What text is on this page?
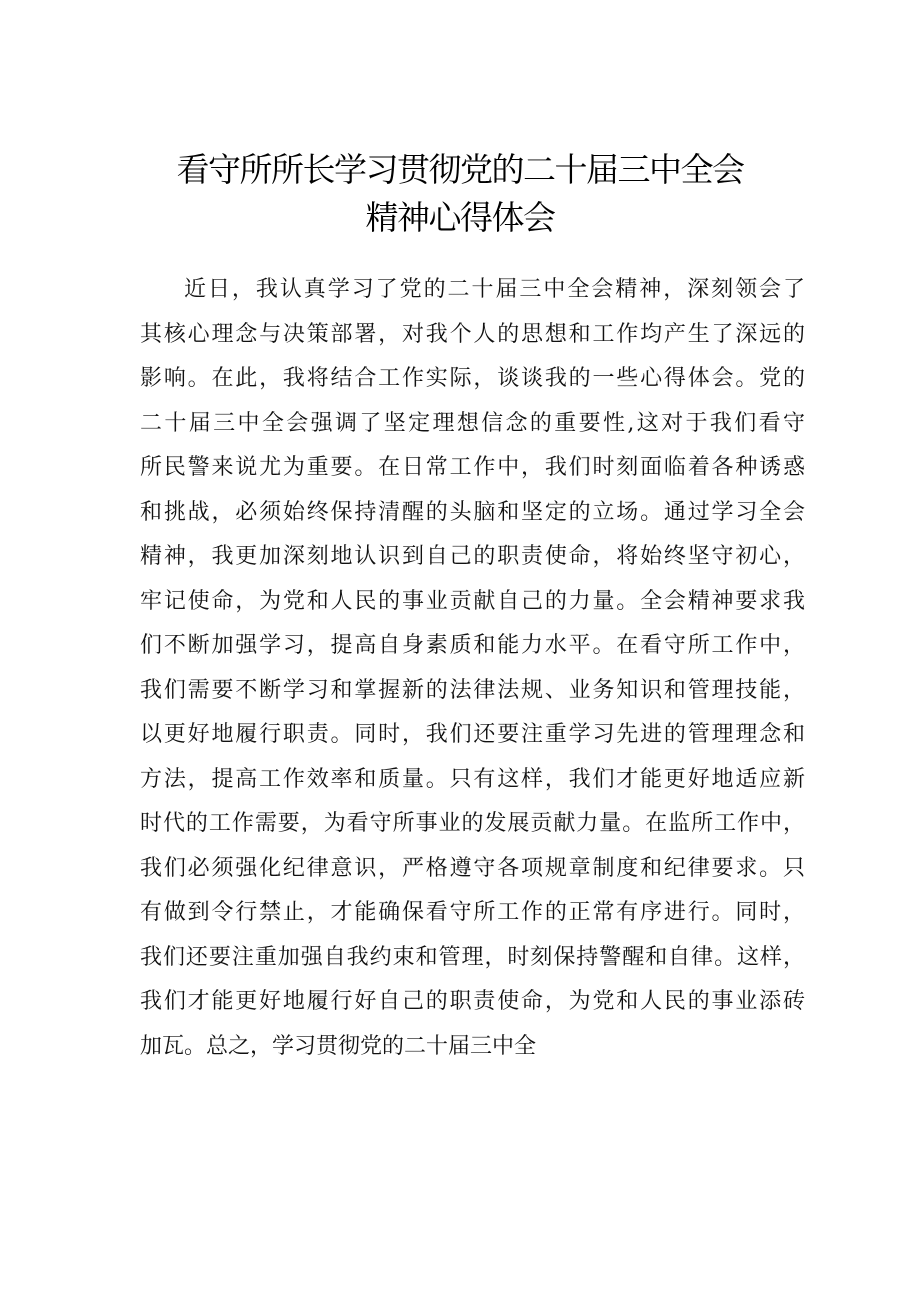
看守所所长学习贯彻党的二十届三中全会
精神心得体会
近日，我认真学习了党的二十届三中全会精神，深刻领会了
其核心理念与决策部署，对我个人的思想和工作均产生了深远的
影响。在此，我将结合工作实际，谈谈我的一些心得体会。党的
二十届三中全会强调了坚定理想信念的重要性,这对于我们看守
所民警来说尤为重要。在日常工作中，我们时刻面临着各种诱惑
和挑战，必须始终保持清醒的头脑和坚定的立场。通过学习全会
精神，我更加深刻地认识到自己的职责使命，将始终坚守初心，
牢记使命，为党和人民的事业贡献自己的力量。全会精神要求我
们不断加强学习，提高自身素质和能力水平。在看守所工作中，
我们需要不断学习和掌握新的法律法规、业务知识和管理技能，
以更好地履行职责。同时，我们还要注重学习先进的管理理念和
方法，提高工作效率和质量。只有这样，我们才能更好地适应新
时代的工作需要，为看守所事业的发展贡献力量。在监所工作中，
我们必须强化纪律意识，严格遵守各项规章制度和纪律要求。只
有做到令行禁止，才能确保看守所工作的正常有序进行。同时，
我们还要注重加强自我约束和管理，时刻保持警醒和自律。这样，
我们才能更好地履行好自己的职责使命，为党和人民的事业添砖
加瓦。总之，学习贯彻党的二十届三中全
